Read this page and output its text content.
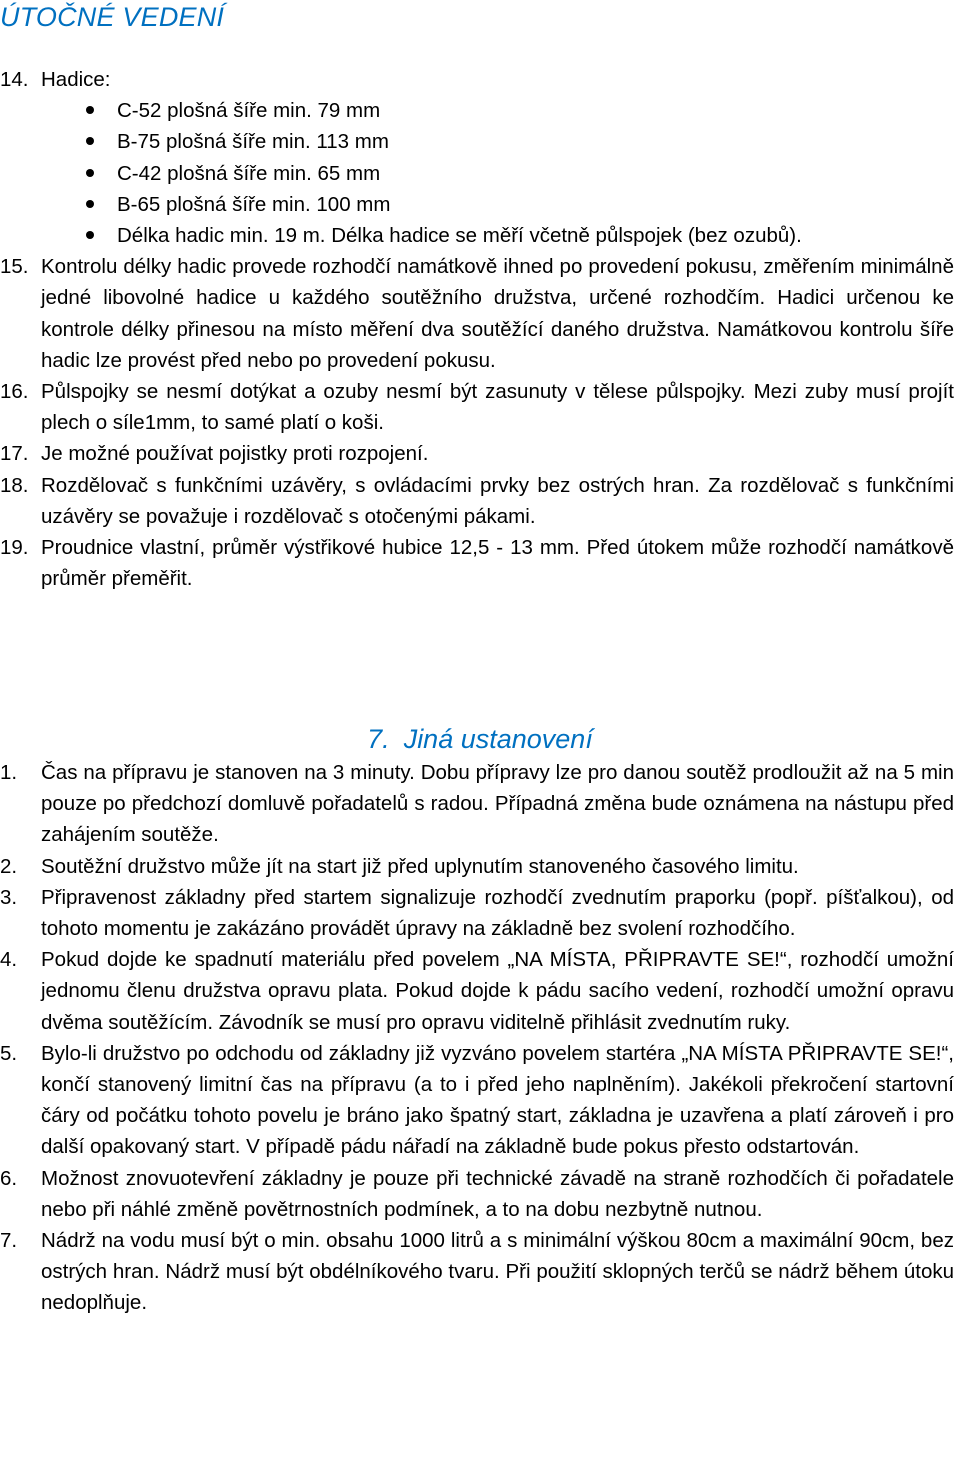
ÚTOČNÉ VEDENÍ
14. Hadice:
C-52 plošná šíře min. 79 mm
B-75 plošná šíře min. 113 mm
C-42 plošná šíře min. 65 mm
B-65 plošná šíře min. 100 mm
Délka hadic min. 19 m. Délka hadice se měří včetně půlspojek (bez ozubů).
15. Kontrolu délky hadic provede rozhodčí namátkově ihned po provedení pokusu, změřením minimálně jedné libovolné hadice u každého soutěžního družstva, určené rozhodčím. Hadici určenou ke kontrole délky přinesou na místo měření dva soutěžící daného družstva. Namátkovou kontrolu šíře hadic lze provést před nebo po provedení pokusu.
16. Půlspojky se nesmí dotýkat a ozuby nesmí být zasunuty v tělese půlspojky. Mezi zuby musí projít plech o síle1mm, to samé platí o koši.
17. Je možné používat pojistky proti rozpojení.
18. Rozdělovač s funkčními uzávěry, s ovládacími prvky bez ostrých hran. Za rozdělovač s funkčními uzávěry se považuje i rozdělovač s otočenými pákami.
19. Proudnice vlastní, průměr výstřikové hubice 12,5 - 13 mm. Před útokem může rozhodčí namátkově průměr přeměřit.
7. Jiná ustanovení
1. Čas na přípravu je stanoven na 3 minuty. Dobu přípravy lze pro danou soutěž prodloužit až na 5 min pouze po předchozí domluvě pořadatelů s radou. Případná změna bude oznámena na nástupu před zahájením soutěže.
2. Soutěžní družstvo může jít na start již před uplynutím stanoveného časového limitu.
3. Připravenost základny před startem signalizuje rozhodčí zvednutím praporku (popř. píšťalkou), od tohoto momentu je zakázáno provádět úpravy na základně bez svolení rozhodčího.
4. Pokud dojde ke spadnutí materiálu před povelem „NA MÍSTA, PŘIPRAVTE SE!“, rozhodčí umožní jednomu členu družstva opravu plata. Pokud dojde k pádu sacího vedení, rozhodčí umožní opravu dvěma soutěžícím. Závodník se musí pro opravu viditelně přihlásit zvednutím ruky.
5. Bylo-li družstvo po odchodu od základny již vyzváno povelem startéra „NA MÍSTA PŘIPRAVTE SE!“, končí stanovený limitní čas na přípravu (a to i před jeho naplněním). Jakékoli překročení startovní čáry od počátku tohoto povelu je bráno jako špatný start, základna je uzavřena a platí zároveň i pro další opakovaný start. V případě pádu nářadí na základně bude pokus přesto odstartován.
6. Možnost znovuotevření základny je pouze při technické závadě na straně rozhodčích či pořadatele nebo při náhlé změně povětrnostních podmínek, a to na dobu nezbytně nutnou.
7. Nádrž na vodu musí být o min. obsahu 1000 litrů a s minimální výškou 80cm a maximální 90cm, bez ostrých hran. Nádrž musí být obdélníkového tvaru. Při použití sklopných terčů se nádrž během útoku nedoplňuje.
